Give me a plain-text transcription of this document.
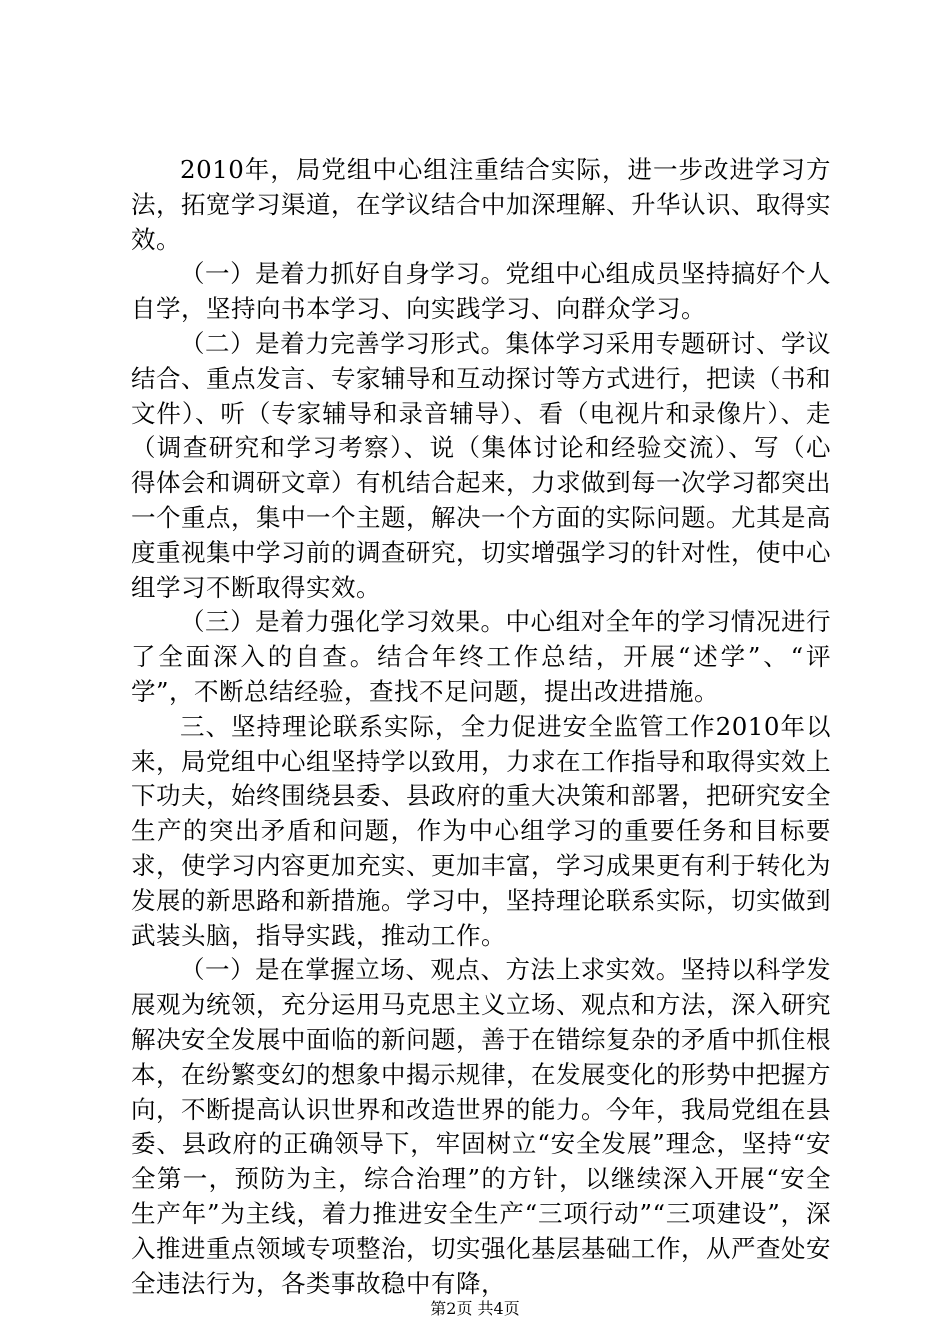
2010年，局党组中心组注重结合实际，进一步改进学习方法，拓宽学习渠道，在学议结合中加深理解、升华认识、取得实效。

（一）是着力抓好自身学习。党组中心组成员坚持搞好个人自学，坚持向书本学习、向实践学习、向群众学习。

（二）是着力完善学习形式。集体学习采用专题研讨、学议结合、重点发言、专家辅导和互动探讨等方式进行，把读（书和文件）、听（专家辅导和录音辅导）、看（电视片和录像片）、走（调查研究和学习考察）、说（集体讨论和经验交流）、写（心得体会和调研文章）有机结合起来，力求做到每一次学习都突出一个重点，集中一个主题，解决一个方面的实际问题。尤其是高度重视集中学习前的调查研究，切实增强学习的针对性，使中心组学习不断取得实效。

（三）是着力强化学习效果。中心组对全年的学习情况进行了全面深入的自查。结合年终工作总结，开展“述学”、“评学”，不断总结经验，查找不足问题，提出改进措施。

三、坚持理论联系实际，全力促进安全监管工作2010年以来，局党组中心组坚持学以致用，力求在工作指导和取得实效上下功夫，始终围绕县委、县政府的重大决策和部署，把研究安全生产的突出矛盾和问题，作为中心组学习的重要任务和目标要求，使学习内容更加充实、更加丰富，学习成果更有利于转化为发展的新思路和新措施。学习中，坚持理论联系实际，切实做到武装头脑，指导实践，推动工作。

（一）是在掌握立场、观点、方法上求实效。坚持以科学发展观为统领，充分运用马克思主义立场、观点和方法，深入研究解决安全发展中面临的新问题，善于在错综复杂的矛盾中抓住根本，在纷繁变幻的想象中揭示规律，在发展变化的形势中把握方向，不断提高认识世界和改造世界的能力。今年，我局党组在县委、县政府的正确领导下，牢固树立“安全发展”理念，坚持“安全第一，预防为主，综合治理”的方针，以继续深入开展“安全生产年”为主线，着力推进安全生产“三项行动”“三项建设”，深入推进重点领域专项整治，切实强化基层基础工作，从严查处安全违法行为，各类事故稳中有降，

第2页 共4页
